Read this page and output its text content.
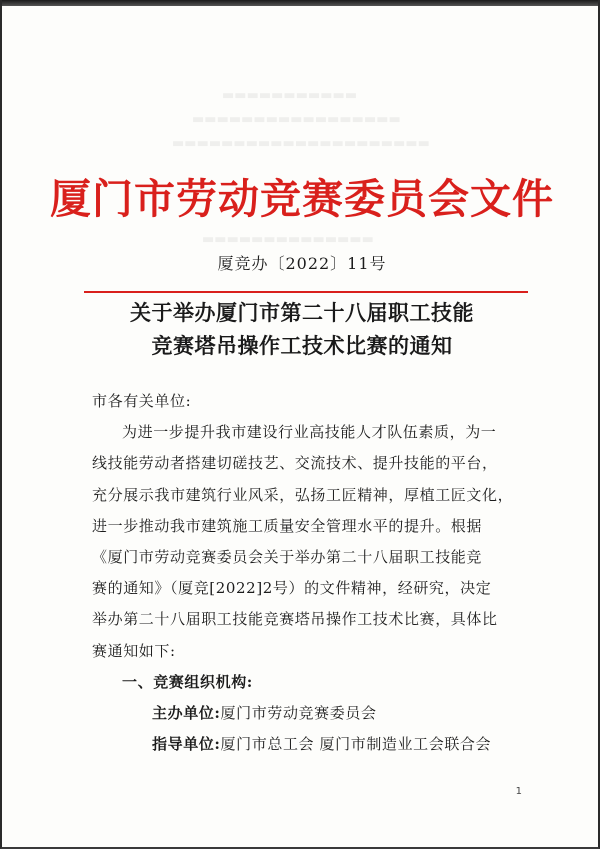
▬▬▬▬▬▬▬▬▬▬▬
▬▬▬▬▬▬▬▬▬▬▬▬▬▬▬▬▬
▬▬▬▬▬▬▬▬▬▬▬▬▬▬▬▬▬▬▬▬▬
▬▬▬▬▬▬▬▬▬▬▬▬▬▬
厦门市劳动竞赛委员会文件
厦竞办〔2022〕11号
关于举办厦门市第二十八届职工技能
竞赛塔吊操作工技术比赛的通知
市各有关单位:
为进一步提升我市建设行业高技能人才队伍素质，为一
线技能劳动者搭建切磋技艺、交流技术、提升技能的平台，
充分展示我市建筑行业风采，弘扬工匠精神，厚植工匠文化，
进一步推动我市建筑施工质量安全管理水平的提升。根据
《厦门市劳动竞赛委员会关于举办第二十八届职工技能竞
赛的通知》（厦竞[2022]2号）的文件精神，经研究，决定
举办第二十八届职工技能竞赛塔吊操作工技术比赛，具体比
赛通知如下:
一、竞赛组织机构:
主办单位:厦门市劳动竞赛委员会
指导单位:厦门市总工会 厦门市制造业工会联合会
1
